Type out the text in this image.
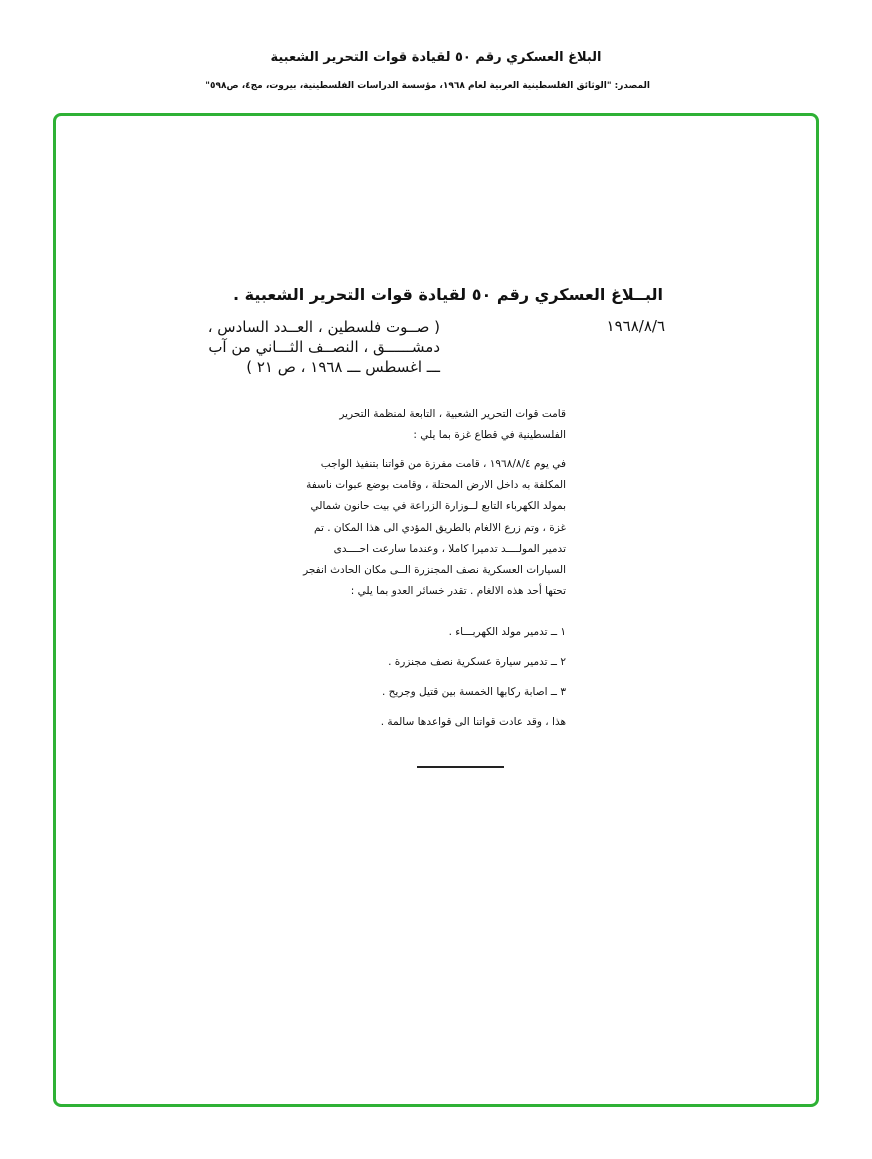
البلاغ العسكري رقم ٥٠ لقيادة قوات التحرير الشعبية
المصدر: "الوثائق الفلسطينية العربية لعام ١٩٦٨، مؤسسة الدراسات الفلسطينية، بيروت، مج٤، ص٥٩٨"
البــلاغ العسكري رقم ٥٠ لقيادة قوات التحرير الشعبية .
١٩٦٨/٨/٦
( صــوت فلسطين ، العــدد السادس ،
دمشــــــق ، النصــف الثـــاني من آب
ـــ اغسطس ـــ ١٩٦٨ ، ص ٢١ )

قامت قوات التحرير الشعبية ، التابعة لمنظمة التحرير الفلسطينية في قطاع غزة بما يلي :

في يوم ١٩٦٨/٨/٤ ، قامت مفرزة من قواتنا بتنفيذ الواجب المكلفة به داخل الارض المحتلة ، وقامت بوضع عبوات ناسفة بمولد الكهرباء التابع لــوزارة الزراعة في بيت حانون شمالي غزة ، وتم زرع الالغام بالطريق المؤدي الى هذا المكان . تم تدمير المولــــد تدميرا كاملا ، وعندما سارعت احــــدى السيارات العسكرية نصف المجنزرة الــى مكان الحادث انفجر تحتها أحد هذه الالغام . تقدر خسائر العدو بما يلي :

١ ــ تدمير مولد الكهربـــاء .
٢ ــ تدمير سيارة عسكرية نصف مجنزرة .
٣ ــ اصابة ركابها الخمسة بين قتيل وجريح .
هذا ، وقد عادت قواتنا الى قواعدها سالمة .
